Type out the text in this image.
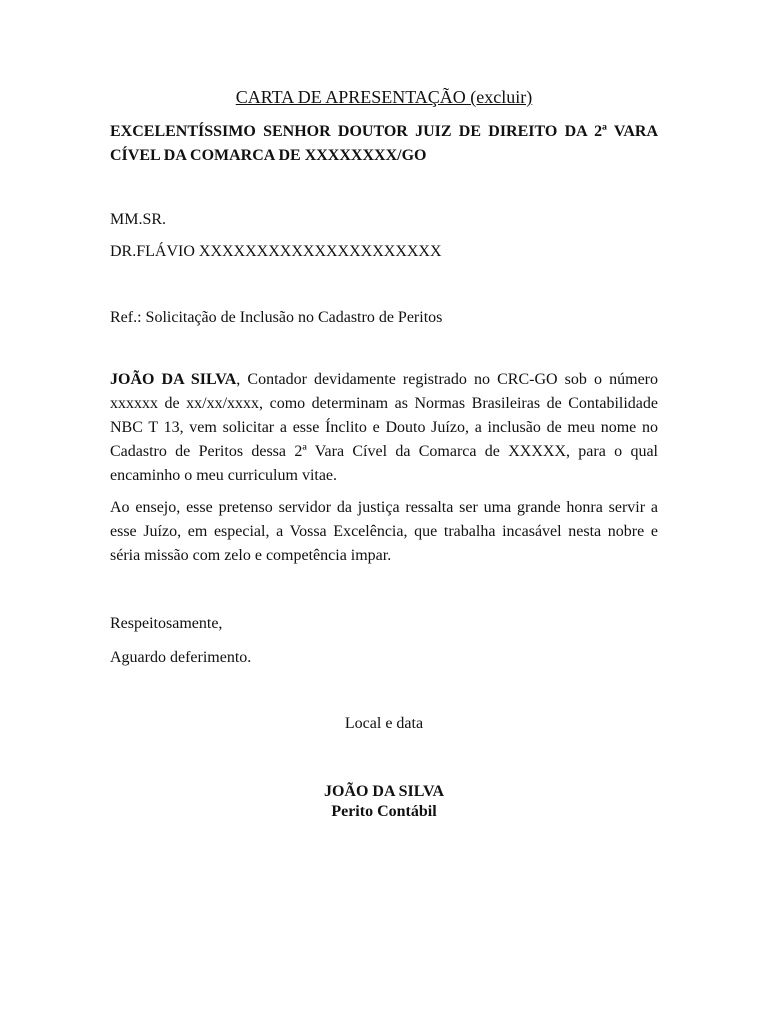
CARTA DE APRESENTAÇÃO (excluir)

EXCELENTÍSSIMO SENHOR DOUTOR JUIZ DE DIREITO DA 2ª VARA CÍVEL DA COMARCA DE XXXXXXXX/GO

MM.SR.

DR.FLÁVIO XXXXXXXXXXXXXXXXXXXXX

Ref.: Solicitação de Inclusão no Cadastro de Peritos

JOÃO DA SILVA, Contador devidamente registrado no CRC-GO sob o número xxxxxx de xx/xx/xxxx, como determinam as Normas Brasileiras de Contabilidade NBC T 13, vem solicitar a esse Ínclito e Douto Juízo, a inclusão de meu nome no Cadastro de Peritos dessa 2ª Vara Cível da Comarca de XXXXX, para o qual encaminho o meu curriculum vitae.

Ao ensejo, esse pretenso servidor da justiça ressalta ser uma grande honra servir a esse Juízo, em especial, a Vossa Excelência, que trabalha incasável nesta nobre e séria missão com zelo e competência impar.

Respeitosamente,

Aguardo deferimento.

Local e data

JOÃO DA SILVA
Perito Contábil
